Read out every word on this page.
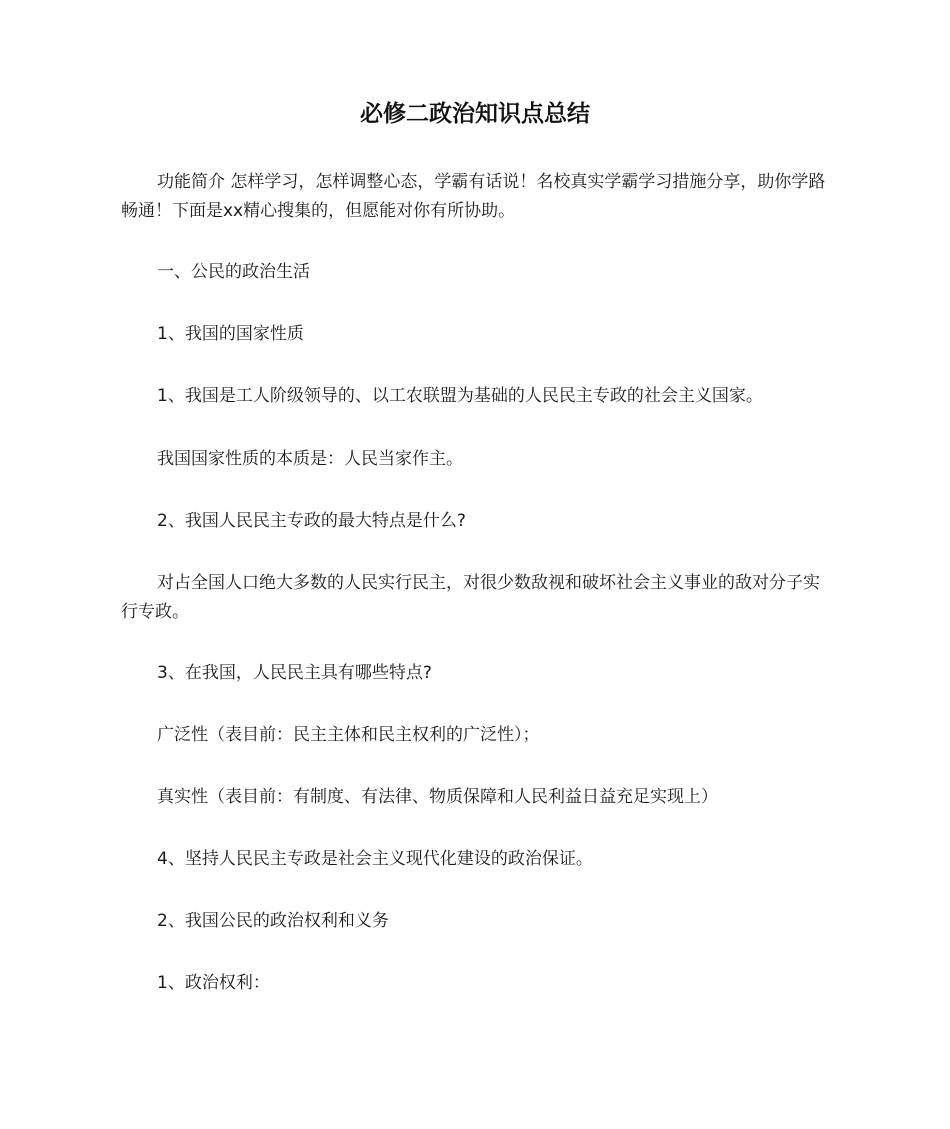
必修二政治知识点总结
功能简介 怎样学习，怎样调整心态，学霸有话说！名校真实学霸学习措施分享，助你学路畅通！下面是xx精心搜集的，但愿能对你有所协助。
一、公民的政治生活
1、我国的国家性质
1、我国是工人阶级领导的、以工农联盟为基础的人民民主专政的社会主义国家。
我国国家性质的本质是：人民当家作主。
2、我国人民民主专政的最大特点是什么?
对占全国人口绝大多数的人民实行民主，对很少数敌视和破坏社会主义事业的敌对分子实行专政。
3、在我国，人民民主具有哪些特点?
广泛性（表目前：民主主体和民主权利的广泛性）；
真实性（表目前：有制度、有法律、物质保障和人民利益日益充足实现上）
4、坚持人民民主专政是社会主义现代化建设的政治保证。
2、我国公民的政治权利和义务
1、政治权利：
